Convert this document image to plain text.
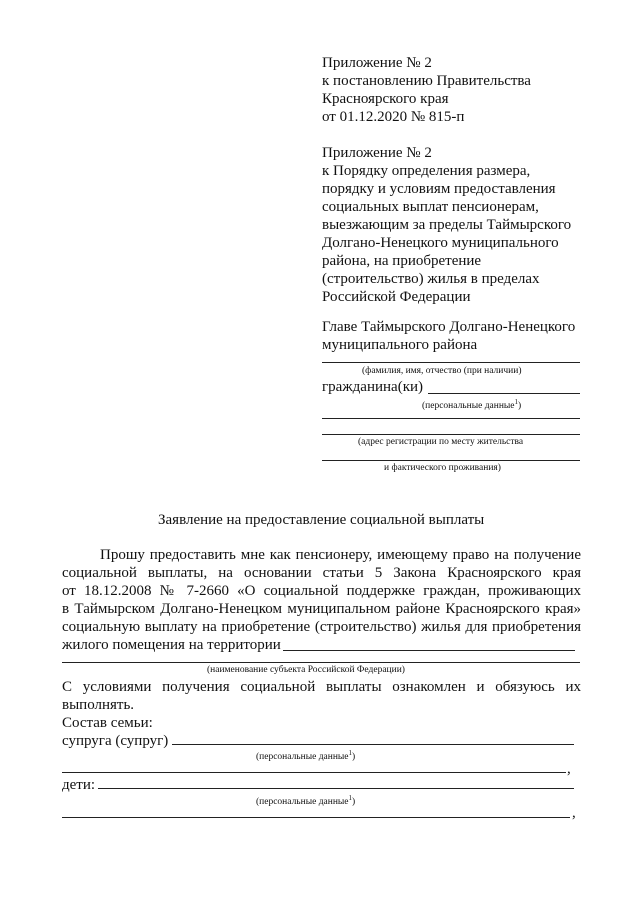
Приложение № 2
к постановлению Правительства
Красноярского края
от 01.12.2020 № 815-п
Приложение № 2
к Порядку определения размера,
порядку и условиям предоставления
социальных выплат пенсионерам,
выезжающим за пределы Таймырского
Долгано-Ненецкого муниципального
района, на приобретение
(строительство) жилья в пределах
Российской Федерации
Главе Таймырского Долгано-Ненецкого
муниципального района
(фамилия, имя, отчество (при наличии)
гражданина(ки)
(персональные данные$^1$)
(адрес регистрации по месту жительства
и фактического проживания)
Заявление на предоставление социальной выплаты
Прошу предоставить мне как пенсионеру, имеющему право на получение
социальной выплаты, на основании статьи 5 Закона Красноярского края
от 18.12.2008 № 7-2660 «О социальной поддержке граждан, проживающих
в Таймырском Долгано-Ненецком муниципальном районе Красноярского края»
социальную выплату на приобретение (строительство) жилья для приобретения
жилого помещения на территории
(наименование субъекта Российской Федерации)
С условиями получения социальной выплаты ознакомлен и обязуюсь их
выполнять.
Состав семьи:
супруга (супруг)
(персональные данные$^1$)
,
дети:
(персональные данные$^1$)
,
